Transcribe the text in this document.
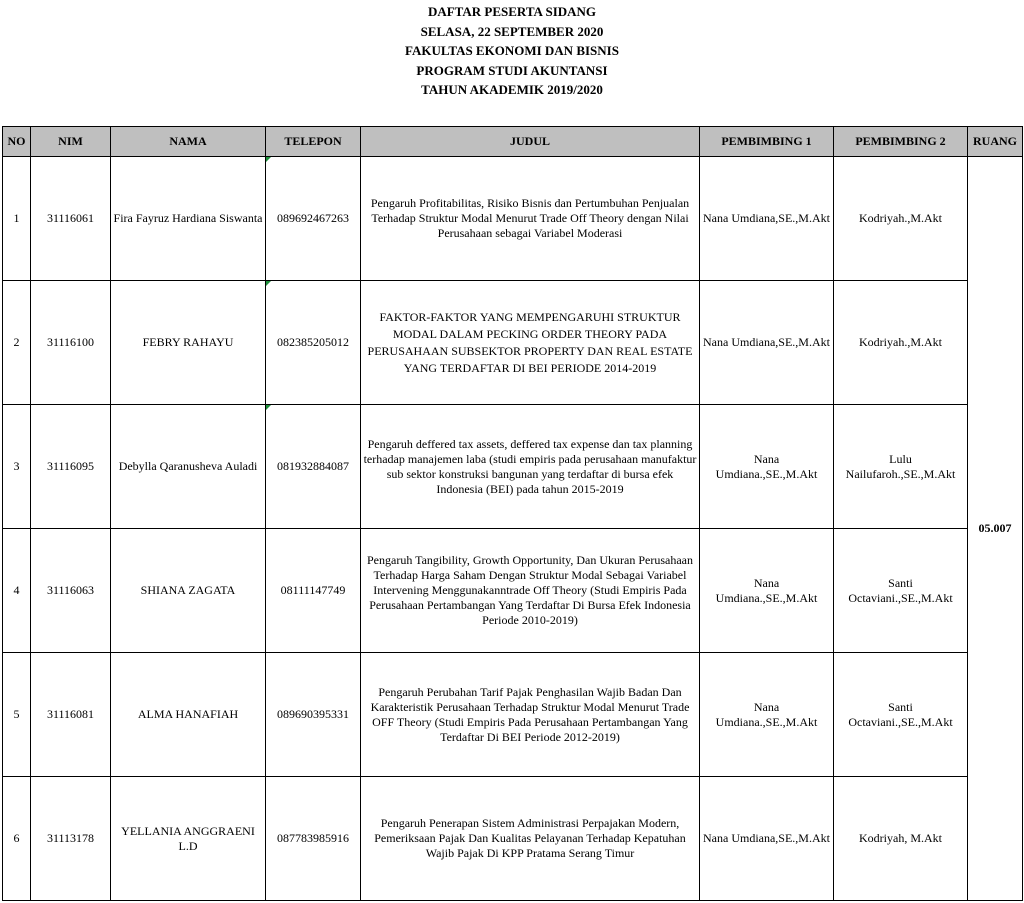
DAFTAR PESERTA SIDANG

SELASA, 22 SEPTEMBER 2020

FAKULTAS EKONOMI DAN BISNIS

PROGRAM STUDI AKUNTANSI

TAHUN AKADEMIK 2019/2020

NO	NIM	NAMA	TELEPON	JUDUL	PEMBIMBING 1	PEMBIMBING 2	RUANG
1	31116061	Fira Fayruz Hardiana Siswanta	089692467263	Pengaruh Profitabilitas, Risiko Bisnis dan Pertumbuhan Penjualan Terhadap Struktur Modal Menurut Trade Off Theory dengan Nilai Perusahaan sebagai Variabel Moderasi	Nana Umdiana,SE.,M.Akt	Kodriyah.,M.Akt	05.007
2	31116100	FEBRY RAHAYU	082385205012	FAKTOR-FAKTOR YANG MEMPENGARUHI STRUKTUR MODAL DALAM PECKING ORDER THEORY PADA PERUSAHAAN SUBSEKTOR PROPERTY DAN REAL ESTATE YANG TERDAFTAR DI BEI PERIODE 2014-2019	Nana Umdiana,SE.,M.Akt	Kodriyah.,M.Akt	
3	31116095	Debylla Qaranusheva Auladi	081932884087	Pengaruh deffered tax assets, deffered tax expense dan tax planning terhadap manajemen laba (studi empiris pada perusahaan manufaktur sub sektor konstruksi bangunan yang terdaftar di bursa efek Indonesia (BEI) pada tahun 2015-2019	Nana Umdiana.,SE.,M.Akt	Lulu Nailufaroh.,SE.,M.Akt	
4	31116063	SHIANA ZAGATA	08111147749	Pengaruh Tangibility, Growth Opportunity, Dan Ukuran Perusahaan Terhadap Harga Saham Dengan Struktur Modal Sebagai Variabel Intervening Menggunakanntrade Off Theory (Studi Empiris Pada Perusahaan Pertambangan Yang Terdaftar Di Bursa Efek Indonesia Periode 2010-2019)	Nana Umdiana.,SE.,M.Akt	Santi Octaviani.,SE.,M.Akt	
5	31116081	ALMA HANAFIAH	089690395331	Pengaruh Perubahan Tarif Pajak Penghasilan Wajib Badan Dan Karakteristik Perusahaan Terhadap Struktur Modal Menurut Trade OFF Theory (Studi Empiris Pada Perusahaan Pertambangan Yang Terdaftar Di BEI Periode 2012-2019)	Nana Umdiana.,SE.,M.Akt	Santi Octaviani.,SE.,M.Akt	
6	31113178	YELLANIA ANGGRAENI L.D	087783985916	Pengaruh Penerapan Sistem Administrasi Perpajakan Modern, Pemeriksaan Pajak Dan Kualitas Pelayanan Terhadap Kepatuhan Wajib Pajak Di KPP Pratama Serang Timur	Nana Umdiana,SE.,M.Akt	Kodriyah, M.Akt	
